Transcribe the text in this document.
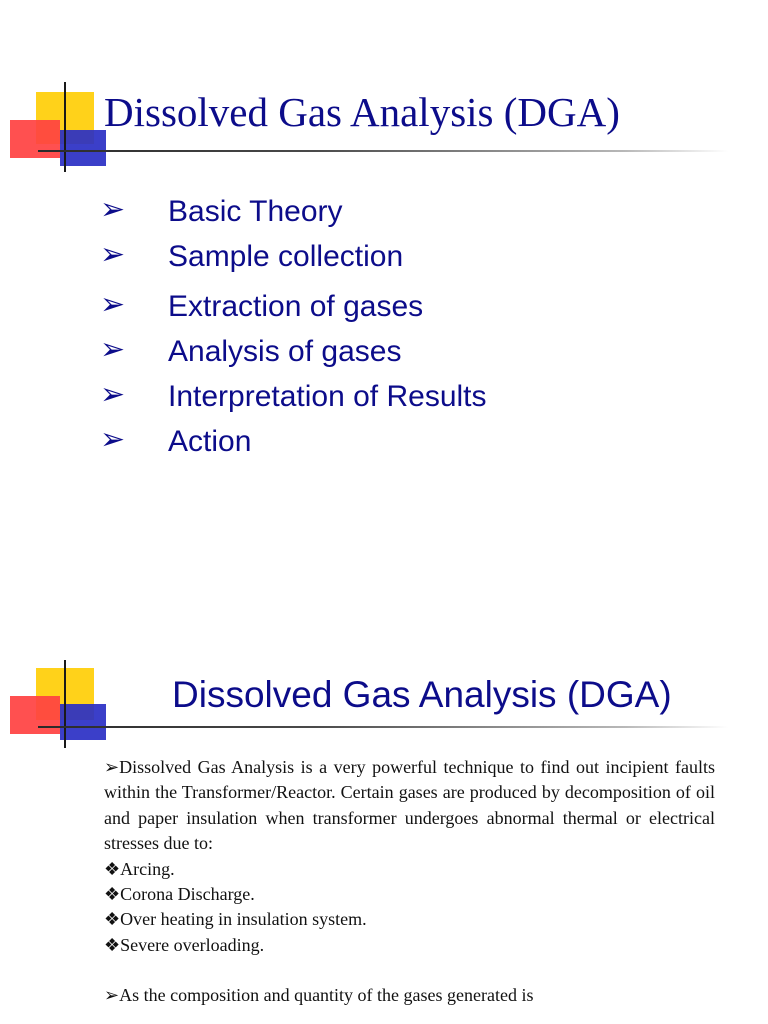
Dissolved Gas Analysis (DGA)
➢ Basic Theory
➢ Sample collection
➢ Extraction of gases
➢ Analysis of gases
➢ Interpretation of Results
➢ Action
Dissolved Gas Analysis (DGA)

➢Dissolved Gas Analysis is a very powerful technique to find out incipient faults within the Transformer/Reactor. Certain gases are produced by decomposition of oil and paper insulation when transformer undergoes abnormal thermal or electrical stresses due to:

❖Arcing.

❖Corona Discharge.

❖Over heating in insulation system.

❖Severe overloading.

➢As the composition and quantity of the gases generated is
